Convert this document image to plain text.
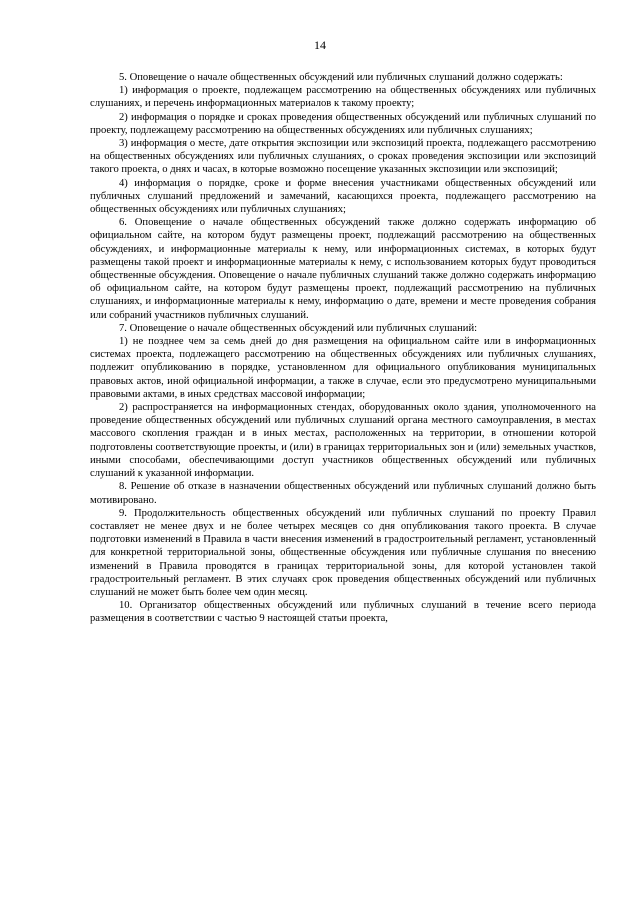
14

5. Оповещение о начале общественных обсуждений или публичных слушаний должно содержать:

1) информация о проекте, подлежащем рассмотрению на общественных обсуждениях или публичных слушаниях, и перечень информационных материалов к такому проекту;

2) информация о порядке и сроках проведения общественных обсуждений или публичных слушаний по проекту, подлежащему рассмотрению на общественных обсуждениях или публичных слушаниях;

3) информация о месте, дате открытия экспозиции или экспозиций проекта, подлежащего рассмотрению на общественных обсуждениях или публичных слушаниях, о сроках проведения экспозиции или экспозиций такого проекта, о днях и часах, в которые возможно посещение указанных экспозиции или экспозиций;

4) информация о порядке, сроке и форме внесения участниками общественных обсуждений или публичных слушаний предложений и замечаний, касающихся проекта, подлежащего рассмотрению на общественных обсуждениях или публичных слушаниях;

6. Оповещение о начале общественных обсуждений также должно содержать информацию об официальном сайте, на котором будут размещены проект, подлежащий рассмотрению на общественных обсуждениях, и информационные материалы к нему, или информационных системах, в которых будут размещены такой проект и информационные материалы к нему, с использованием которых будут проводиться общественные обсуждения. Оповещение о начале публичных слушаний также должно содержать информацию об официальном сайте, на котором будут размещены проект, подлежащий рассмотрению на публичных слушаниях, и информационные материалы к нему, информацию о дате, времени и месте проведения собрания или собраний участников публичных слушаний.

7. Оповещение о начале общественных обсуждений или публичных слушаний:

1) не позднее чем за семь дней до дня размещения на официальном сайте или в информационных системах проекта, подлежащего рассмотрению на общественных обсуждениях или публичных слушаниях, подлежит опубликованию в порядке, установленном для официального опубликования муниципальных правовых актов, иной официальной информации, а также в случае, если это предусмотрено муниципальными правовыми актами, в иных средствах массовой информации;

2) распространяется на информационных стендах, оборудованных около здания, уполномоченного на проведение общественных обсуждений или публичных слушаний органа местного самоуправления, в местах массового скопления граждан и в иных местах, расположенных на территории, в отношении которой подготовлены соответствующие проекты, и (или) в границах территориальных зон и (или) земельных участков, иными способами, обеспечивающими доступ участников общественных обсуждений или публичных слушаний к указанной информации.

8. Решение об отказе в назначении общественных обсуждений или публичных слушаний должно быть мотивировано.

9. Продолжительность общественных обсуждений или публичных слушаний по проекту Правил составляет не менее двух и не более четырех месяцев со дня опубликования такого проекта. В случае подготовки изменений в Правила в части внесения изменений в градостроительный регламент, установленный для конкретной территориальной зоны, общественные обсуждения или публичные слушания по внесению изменений в Правила проводятся в границах территориальной зоны, для которой установлен такой градостроительный регламент. В этих случаях срок проведения общественных обсуждений или публичных слушаний не может быть более чем один месяц.

10. Организатор общественных обсуждений или публичных слушаний в течение всего периода размещения в соответствии с частью 9 настоящей статьи проекта,
